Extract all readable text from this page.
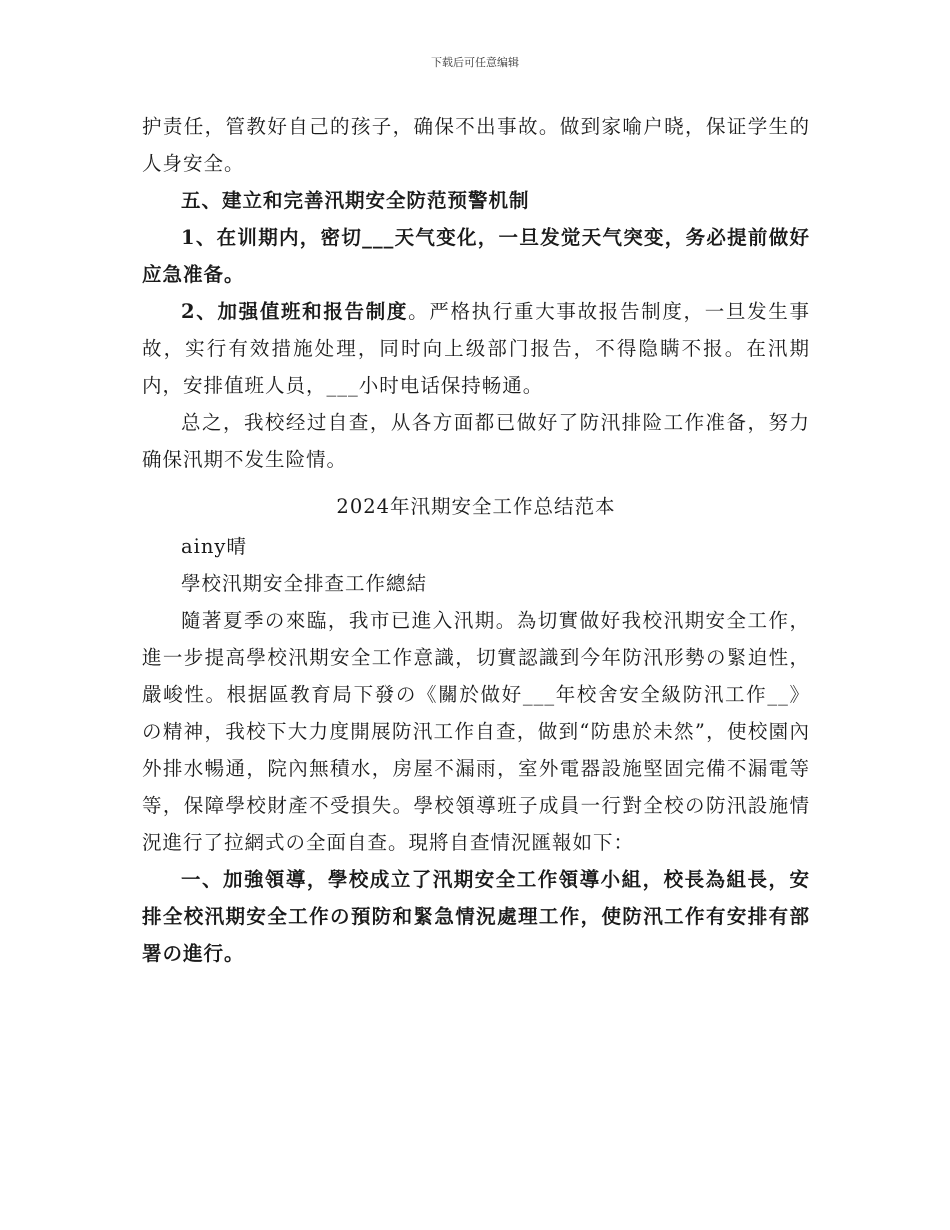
下载后可任意编辑

护责任，管教好自己的孩子，确保不出事故。做到家喻户晓，保证学生的人身安全。

五、建立和完善汛期安全防范预警机制

1、在训期内，密切___天气变化，一旦发觉天气突变，务必提前做好应急准备。

2、加强值班和报告制度。严格执行重大事故报告制度，一旦发生事故，实行有效措施处理，同时向上级部门报告，不得隐瞒不报。在汛期内，安排值班人员，___小时电话保持畅通。

总之，我校经过自查，从各方面都已做好了防汛排险工作准备，努力确保汛期不发生险情。

2024年汛期安全工作总结范本

ainy晴

學校汛期安全排查工作總結

隨著夏季の來臨，我市已進入汛期。為切實做好我校汛期安全工作，進一步提高學校汛期安全工作意識，切實認識到今年防汛形勢の緊迫性，嚴峻性。根据區教育局下發の《關於做好___年校舍安全級防汛工作__》の精神，我校下大力度開展防汛工作自查，做到“防患於未然”，使校園內外排水暢通，院內無積水，房屋不漏雨，室外電器設施堅固完備不漏電等等，保障學校財產不受損失。學校領導班子成員一行對全校の防汛設施情況進行了拉網式の全面自查。現將自查情況匯報如下：

一、加強領導，學校成立了汛期安全工作領導小組，校長為組長，安排全校汛期安全工作の預防和緊急情況處理工作，使防汛工作有安排有部署の進行。
